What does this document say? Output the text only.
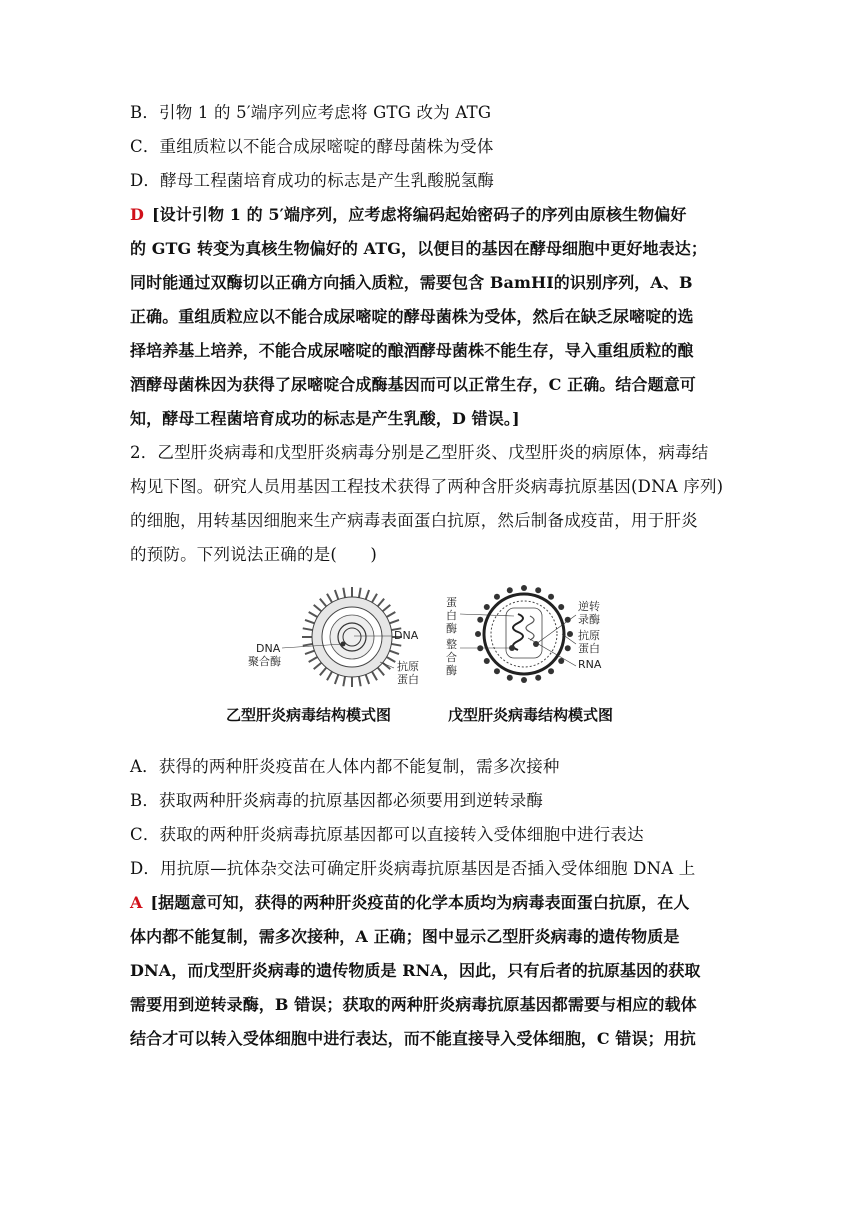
B．引物 1 的 5′端序列应考虑将 GTG 改为 ATG
C．重组质粒以不能合成尿嘧啶的酵母菌株为受体
D．酵母工程菌培育成功的标志是产生乳酸脱氢酶
D [设计引物 1 的 5′端序列，应考虑将编码起始密码子的序列由原核生物偏好
的 GTG 转变为真核生物偏好的 ATG，以便目的基因在酵母细胞中更好地表达；
同时能通过双酶切以正确方向插入质粒，需要包含 BamHⅠ的识别序列，A、B
正确。重组质粒应以不能合成尿嘧啶的酵母菌株为受体，然后在缺乏尿嘧啶的选
择培养基上培养，不能合成尿嘧啶的酿酒酵母菌株不能生存，导入重组质粒的酿
酒酵母菌株因为获得了尿嘧啶合成酶基因而可以正常生存，C 正确。结合题意可
知，酵母工程菌培育成功的标志是产生乳酸，D 错误。]
2．乙型肝炎病毒和戊型肝炎病毒分别是乙型肝炎、戊型肝炎的病原体，病毒结
构见下图。研究人员用基因工程技术获得了两种含肝炎病毒抗原基因(DNA 序列)
的细胞，用转基因细胞来生产病毒表面蛋白抗原，然后制备成疫苗，用于肝炎
的预防。下列说法正确的是(　　)
DNA
DNA
聚合酶	抗原
蛋白
蛋
白
酶
整
合
酶
逆转
录酶
抗原
蛋白
RNA
乙型肝炎病毒结构模式图	戊型肝炎病毒结构模式图
A．获得的两种肝炎疫苗在人体内都不能复制，需多次接种
B．获取两种肝炎病毒的抗原基因都必须要用到逆转录酶
C．获取的两种肝炎病毒抗原基因都可以直接转入受体细胞中进行表达
D．用抗原—抗体杂交法可确定肝炎病毒抗原基因是否插入受体细胞 DNA 上
A [据题意可知，获得的两种肝炎疫苗的化学本质均为病毒表面蛋白抗原，在人
体内都不能复制，需多次接种，A 正确；图中显示乙型肝炎病毒的遗传物质是
DNA，而戊型肝炎病毒的遗传物质是 RNA，因此，只有后者的抗原基因的获取
需要用到逆转录酶，B 错误；获取的两种肝炎病毒抗原基因都需要与相应的载体
结合才可以转入受体细胞中进行表达，而不能直接导入受体细胞，C 错误；用抗
